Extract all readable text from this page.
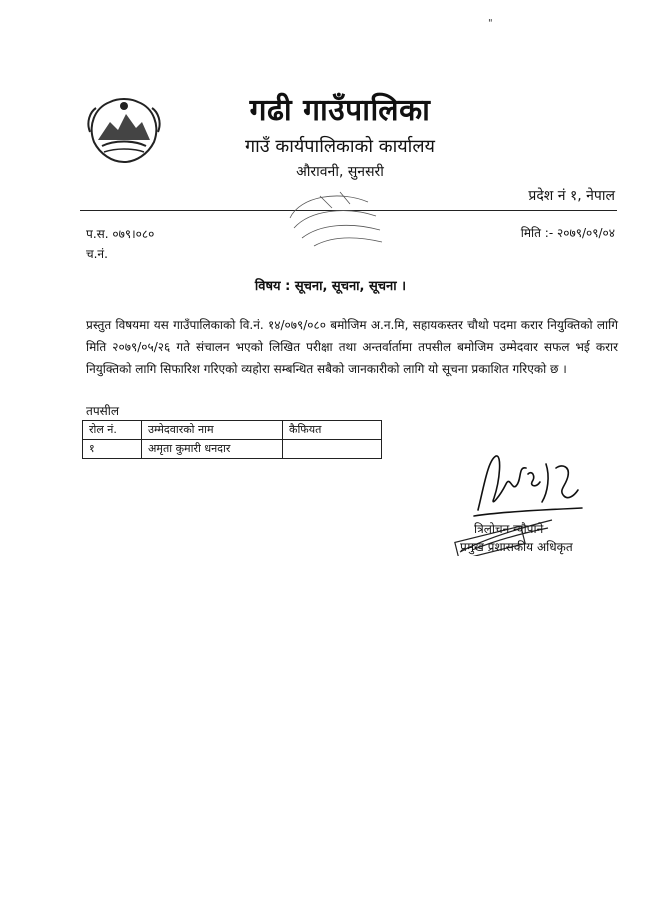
"
गढी गाउँपालिका
गाउँ कार्यपालिकाको कार्यालय
औरावनी, सुनसरी
प्रदेश नं १, नेपाल
प.स. ०७९।०८०
च.नं.
मिति :- २०७९/०९/०४
विषय : सूचना, सूचना, सूचना ।
प्रस्तुत विषयमा यस गाउँपालिकाको वि.नं. १४/०७९/०८० बमोजिम अ.न.मि, सहायकस्तर चौथो पदमा करार नियुक्तिको लागि मिति २०७९/०५/२६ गते संचालन भएको लिखित परीक्षा तथा अन्तर्वार्तामा तपसील बमोजिम उम्मेदवार सफल भई करार नियुक्तिको लागि सिफारिश गरिएको व्यहोरा सम्बन्धित सबैको जानकारीको लागि यो सूचना प्रकाशित गरिएको छ ।
तपसील
रोल नं.	उम्मेदवारको नाम	कैफियत
१	अमृता कुमारी धनदार	
त्रिलोचन न्यौपाने
प्रमुख प्रशासकीय अधिकृत
